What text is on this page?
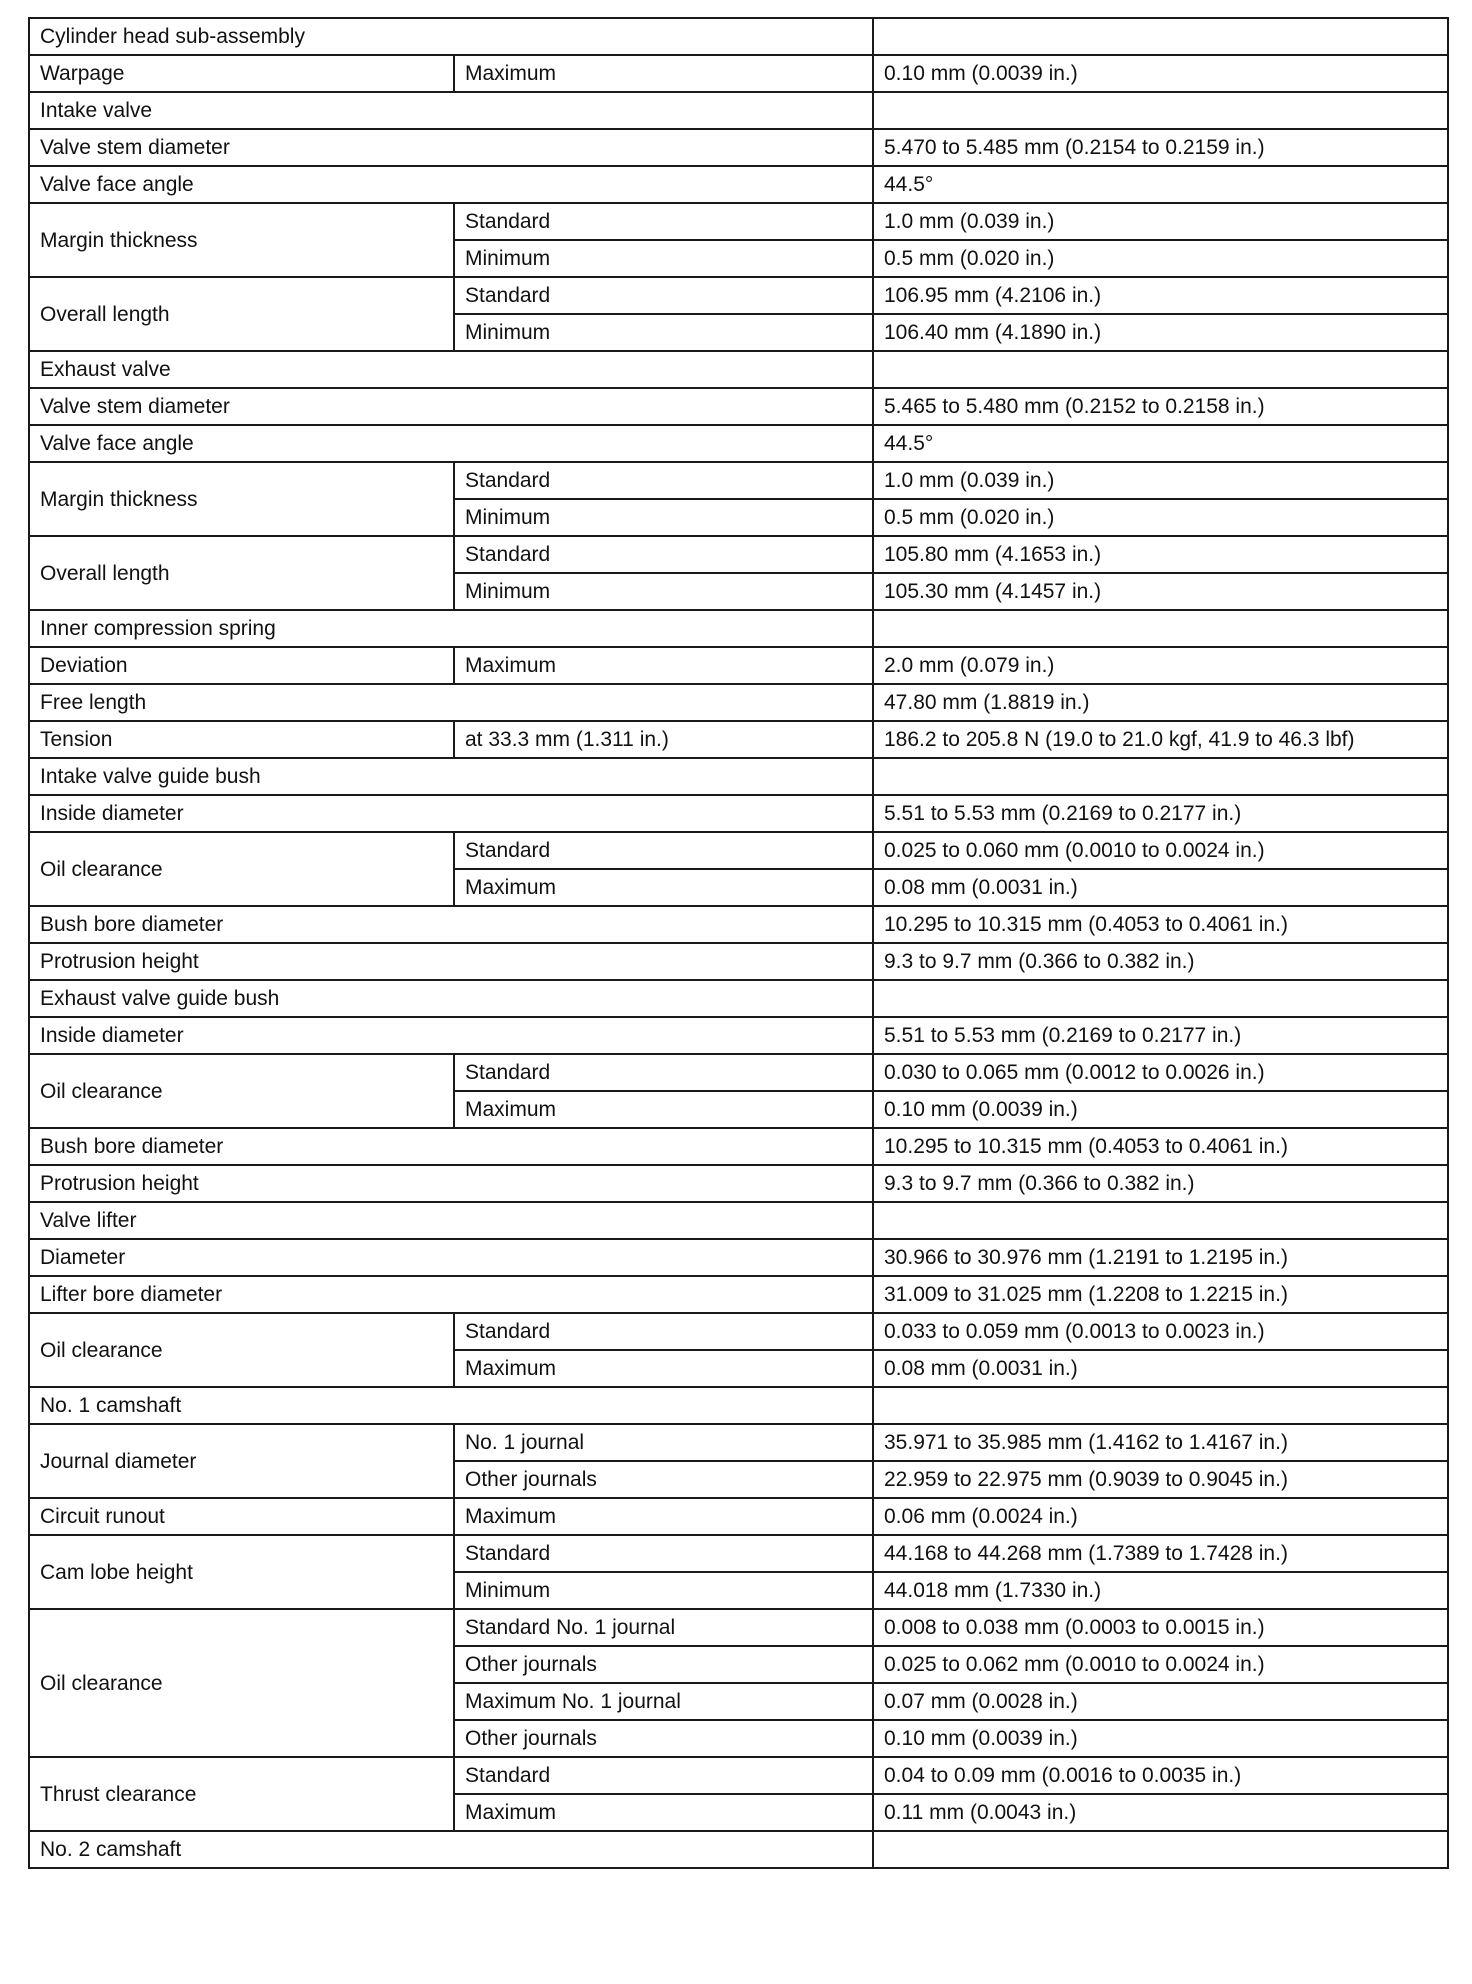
Cylinder head sub-assembly		
Warpage	Maximum	0.10 mm (0.0039 in.)
Intake valve		
Valve stem diameter		5.470 to 5.485 mm (0.2154 to 0.2159 in.)
Valve face angle		44.5°
Margin thickness	Standard	1.0 mm (0.039 in.)
	Minimum	0.5 mm (0.020 in.)
Overall length	Standard	106.95 mm (4.2106 in.)
	Minimum	106.40 mm (4.1890 in.)
Exhaust valve		
Valve stem diameter		5.465 to 5.480 mm (0.2152 to 0.2158 in.)
Valve face angle		44.5°
Margin thickness	Standard	1.0 mm (0.039 in.)
	Minimum	0.5 mm (0.020 in.)
Overall length	Standard	105.80 mm (4.1653 in.)
	Minimum	105.30 mm (4.1457 in.)
Inner compression spring		
Deviation	Maximum	2.0 mm (0.079 in.)
Free length		47.80 mm (1.8819 in.)
Tension	at 33.3 mm (1.311 in.)	186.2 to 205.8 N (19.0 to 21.0 kgf, 41.9 to 46.3 lbf)
Intake valve guide bush		
Inside diameter		5.51 to 5.53 mm (0.2169 to 0.2177 in.)
Oil clearance	Standard	0.025 to 0.060 mm (0.0010 to 0.0024 in.)
	Maximum	0.08 mm (0.0031 in.)
Bush bore diameter		10.295 to 10.315 mm (0.4053 to 0.4061 in.)
Protrusion height		9.3 to 9.7 mm (0.366 to 0.382 in.)
Exhaust valve guide bush		
Inside diameter		5.51 to 5.53 mm (0.2169 to 0.2177 in.)
Oil clearance	Standard	0.030 to 0.065 mm (0.0012 to 0.0026 in.)
	Maximum	0.10 mm (0.0039 in.)
Bush bore diameter		10.295 to 10.315 mm (0.4053 to 0.4061 in.)
Protrusion height		9.3 to 9.7 mm (0.366 to 0.382 in.)
Valve lifter		
Diameter		30.966 to 30.976 mm (1.2191 to 1.2195 in.)
Lifter bore diameter		31.009 to 31.025 mm (1.2208 to 1.2215 in.)
Oil clearance	Standard	0.033 to 0.059 mm (0.0013 to 0.0023 in.)
	Maximum	0.08 mm (0.0031 in.)
No. 1 camshaft		
Journal diameter	No. 1 journal	35.971 to 35.985 mm (1.4162 to 1.4167 in.)
	Other journals	22.959 to 22.975 mm (0.9039 to 0.9045 in.)
Circuit runout	Maximum	0.06 mm (0.0024 in.)
Cam lobe height	Standard	44.168 to 44.268 mm (1.7389 to 1.7428 in.)
	Minimum	44.018 mm (1.7330 in.)
Oil clearance	Standard No. 1 journal	0.008 to 0.038 mm (0.0003 to 0.0015 in.)
	Other journals	0.025 to 0.062 mm (0.0010 to 0.0024 in.)
	Maximum No. 1 journal	0.07 mm (0.0028 in.)
	Other journals	0.10 mm (0.0039 in.)
Thrust clearance	Standard	0.04 to 0.09 mm (0.0016 to 0.0035 in.)
	Maximum	0.11 mm (0.0043 in.)
No. 2 camshaft		
